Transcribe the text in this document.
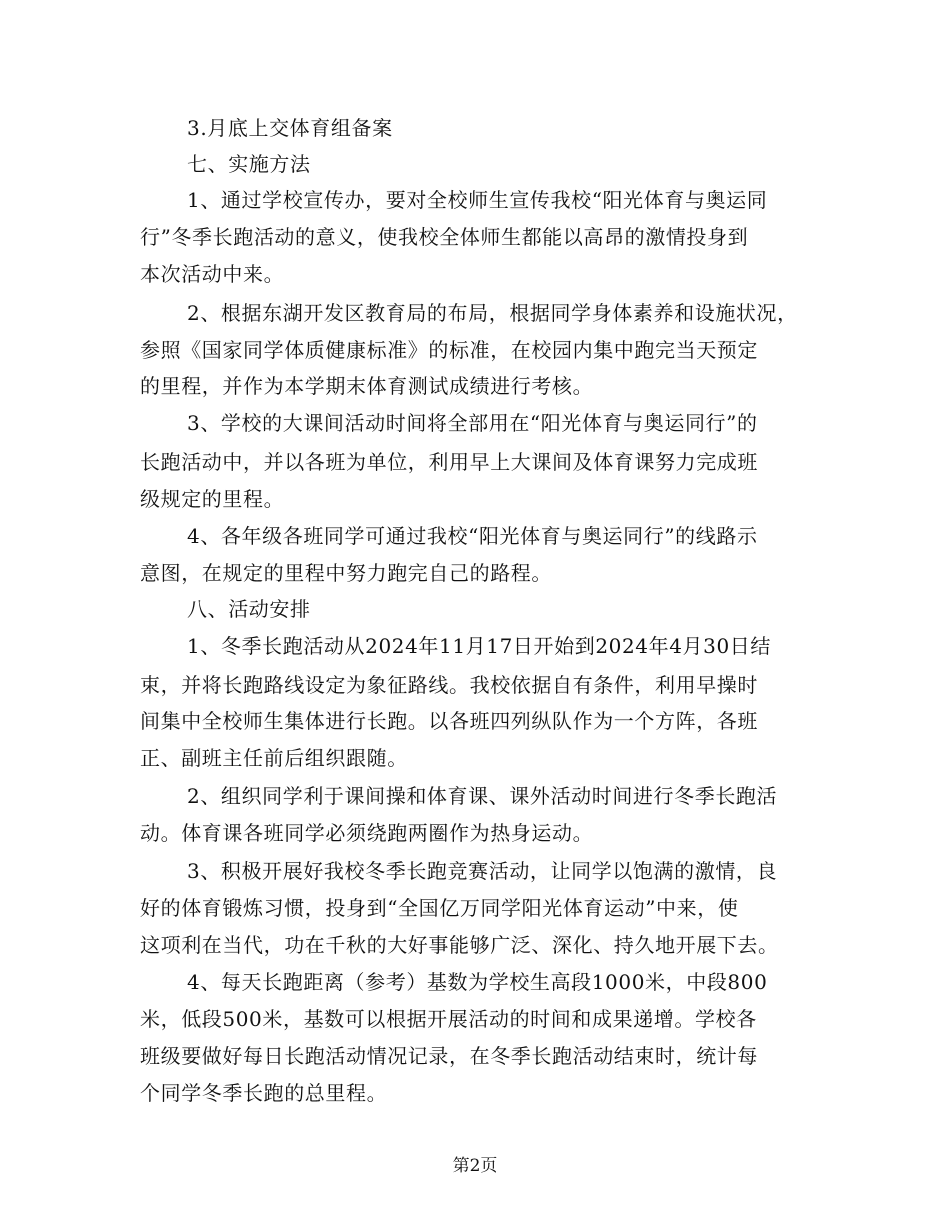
3.月底上交体育组备案
七、实施方法
1、通过学校宣传办，要对全校师生宣传我校“阳光体育与奥运同
行”冬季长跑活动的意义，使我校全体师生都能以高昂的激情投身到
本次活动中来。
2、根据东湖开发区教育局的布局，根据同学身体素养和设施状况，
参照《国家同学体质健康标准》的标准，在校园内集中跑完当天预定
的里程，并作为本学期末体育测试成绩进行考核。
3、学校的大课间活动时间将全部用在“阳光体育与奥运同行”的
长跑活动中，并以各班为单位，利用早上大课间及体育课努力完成班
级规定的里程。
4、各年级各班同学可通过我校“阳光体育与奥运同行”的线路示
意图，在规定的里程中努力跑完自己的路程。
八、活动安排
1、冬季长跑活动从2024年11月17日开始到2024年4月30日结
束，并将长跑路线设定为象征路线。我校依据自有条件，利用早操时
间集中全校师生集体进行长跑。以各班四列纵队作为一个方阵，各班
正、副班主任前后组织跟随。
2、组织同学利于课间操和体育课、课外活动时间进行冬季长跑活
动。体育课各班同学必须绕跑两圈作为热身运动。
3、积极开展好我校冬季长跑竞赛活动，让同学以饱满的激情，良
好的体育锻炼习惯，投身到“全国亿万同学阳光体育运动”中来，使
这项利在当代，功在千秋的大好事能够广泛、深化、持久地开展下去。
4、每天长跑距离（参考）基数为学校生高段1000米，中段800
米，低段500米，基数可以根据开展活动的时间和成果递增。学校各
班级要做好每日长跑活动情况记录，在冬季长跑活动结束时，统计每
个同学冬季长跑的总里程。
第2页
